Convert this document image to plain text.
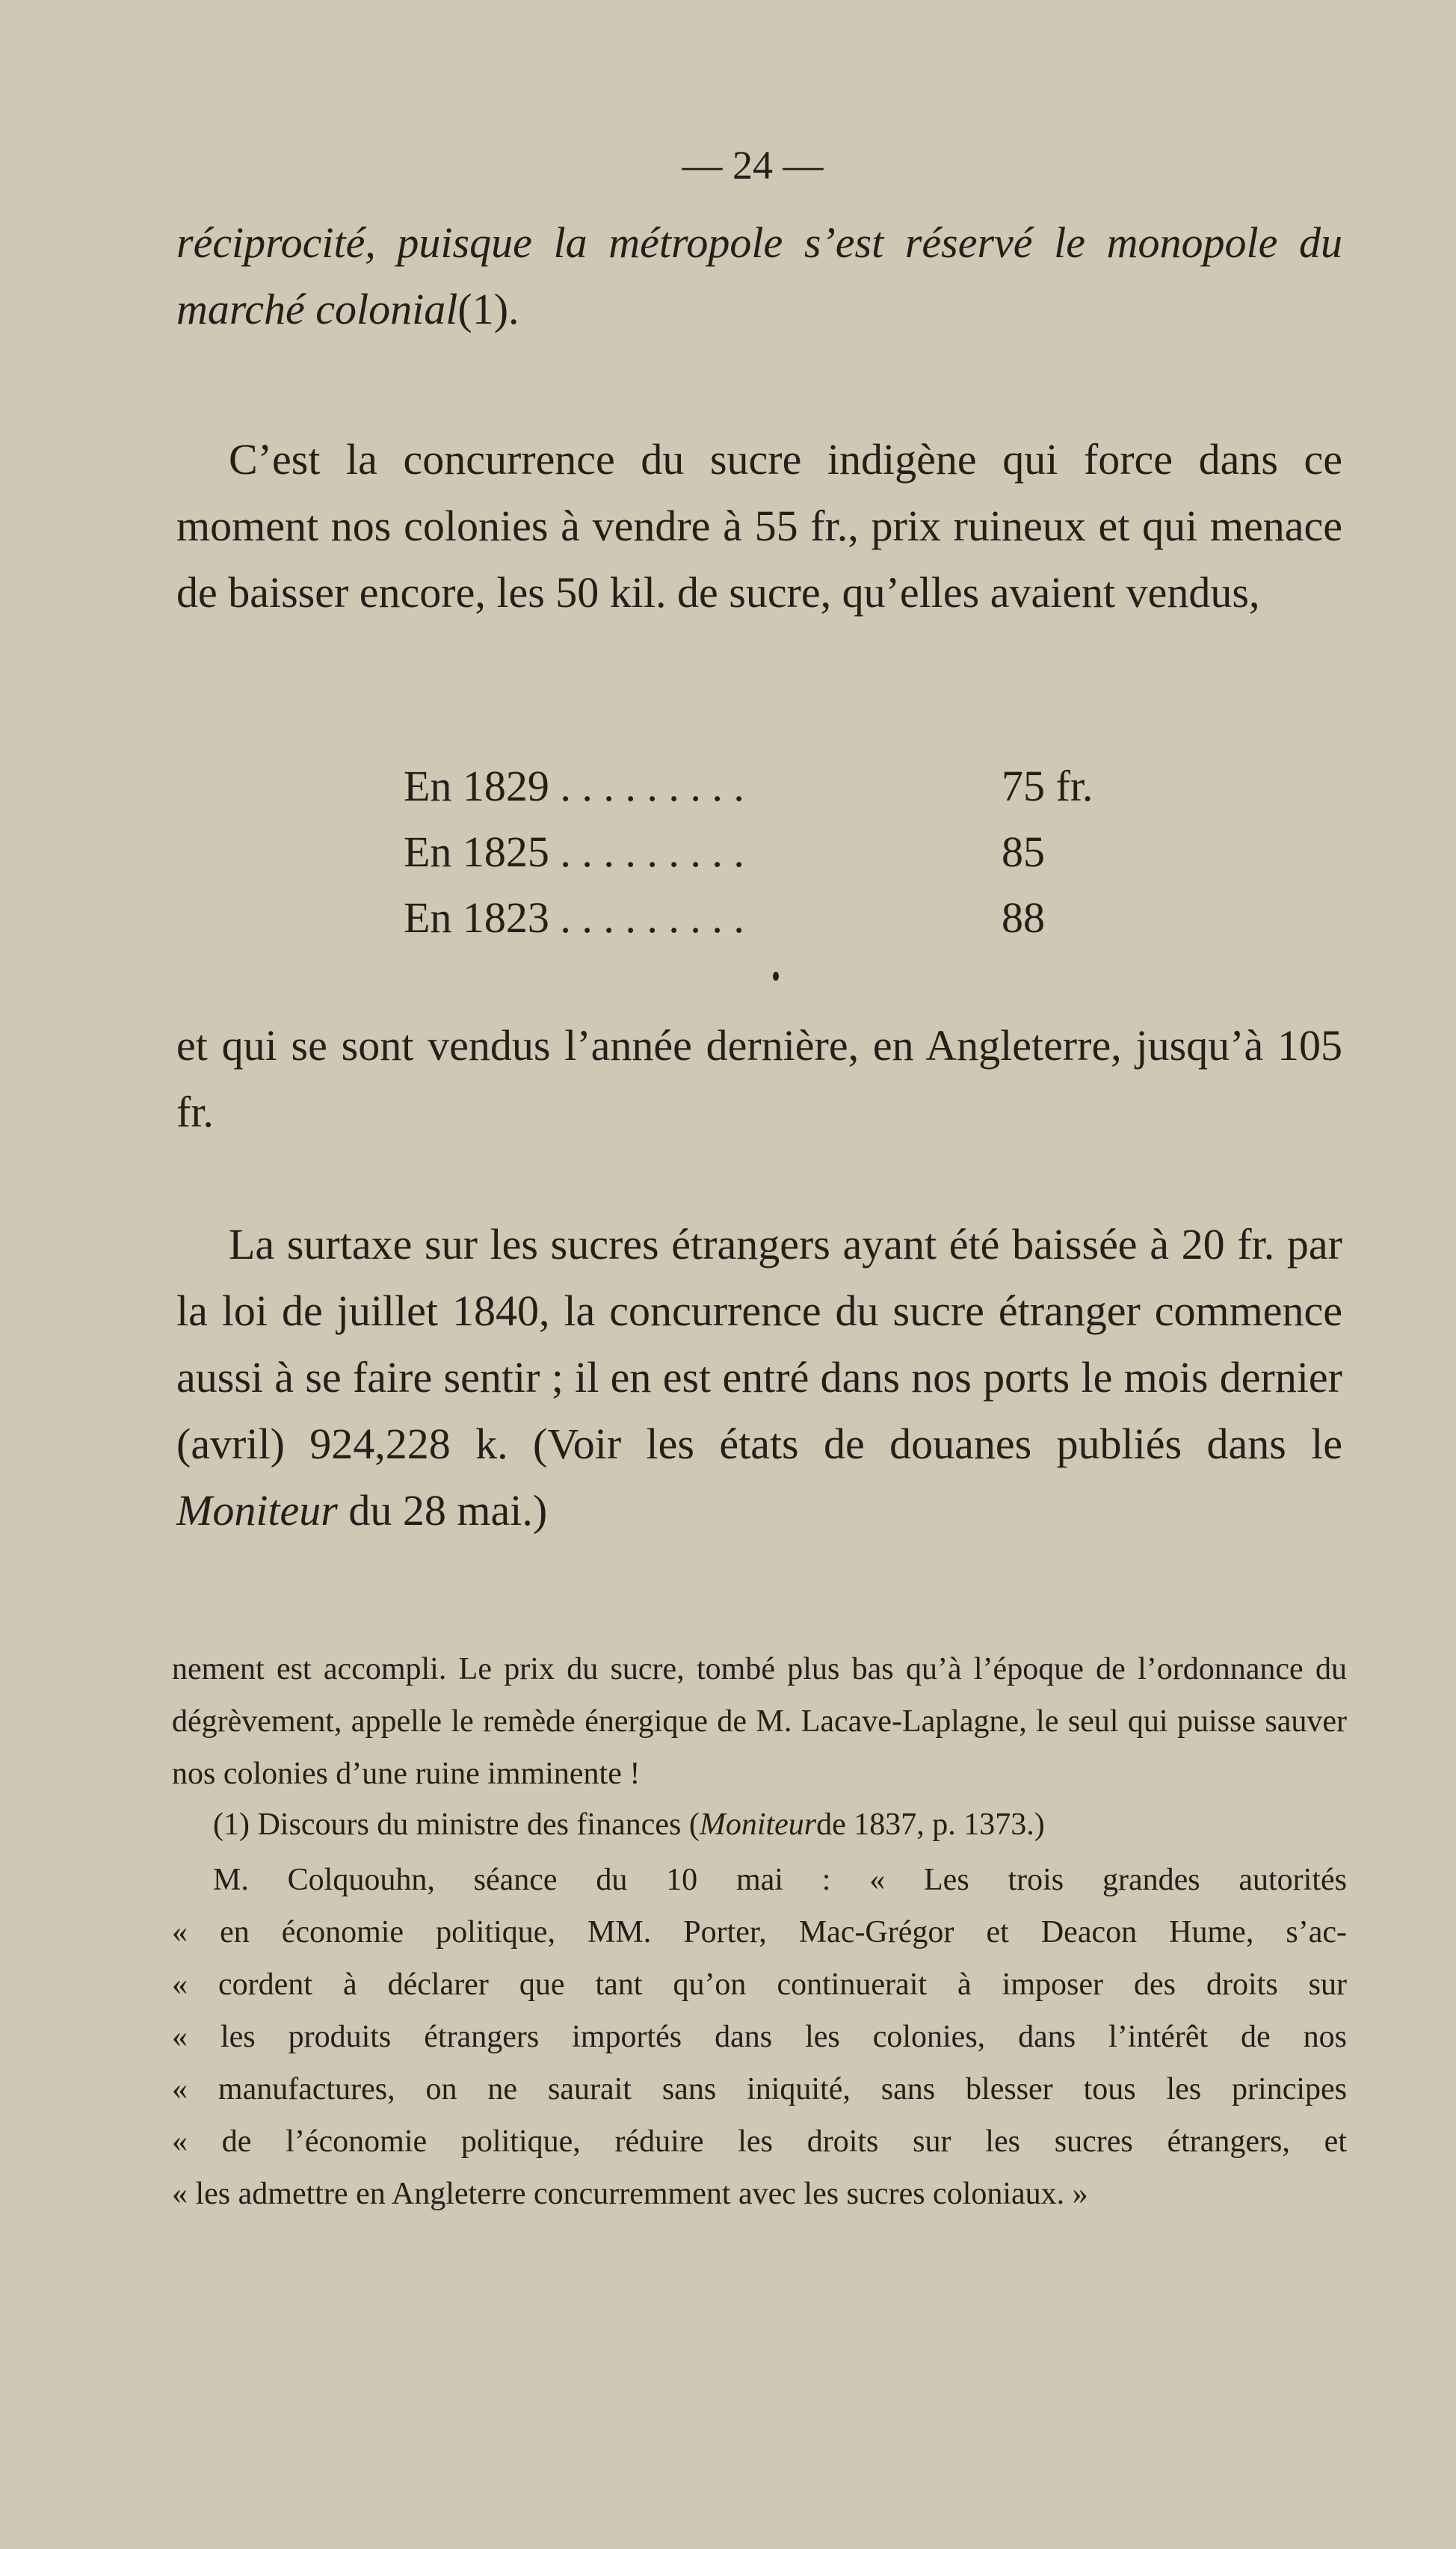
— 24 —

réciprocité, puisque la métropole s’est réservé le monopole du marché colonial(1).

C’est la concurrence du sucre indigène qui force dans ce moment nos colonies à vendre à 55 fr., prix ruineux et qui menace de baisser encore, les 50 kil. de sucre, qu’elles avaient vendus,

En 1829 . . . . . . . . .	75 fr.
En 1825 . . . . . . . . .	85
En 1823 . . . . . . . . .	88

et qui se sont vendus l’année dernière, en Angleterre, jusqu’à 105 fr.

La surtaxe sur les sucres étrangers ayant été baissée à 20 fr. par la loi de juillet 1840, la concurrence du sucre étranger commence aussi à se faire sentir ; il en est entré dans nos ports le mois dernier (avril) 924,228 k. (Voir les états de douanes publiés dans le Moniteur du 28 mai.)

nement est accompli. Le prix du sucre, tombé plus bas qu’à l’époque de l’ordonnance du dégrèvement, appelle le remède énergique de M. Lacave-Laplagne, le seul qui puisse sauver nos colonies d’une ruine imminente !

(1) Discours du ministre des finances (Moniteurde 1837, p. 1373.)

M. Colquouhn, séance du 10 mai : « Les trois grandes autorités
« en économie politique, MM. Porter, Mac-Grégor et Deacon Hume, s’ac-
« cordent à déclarer que tant qu’on continuerait à imposer des droits sur
« les produits étrangers importés dans les colonies, dans l’intérêt de nos
« manufactures, on ne saurait sans iniquité, sans blesser tous les principes
« de l’économie politique, réduire les droits sur les sucres étrangers, et
« les admettre en Angleterre concurremment avec les sucres coloniaux. »
